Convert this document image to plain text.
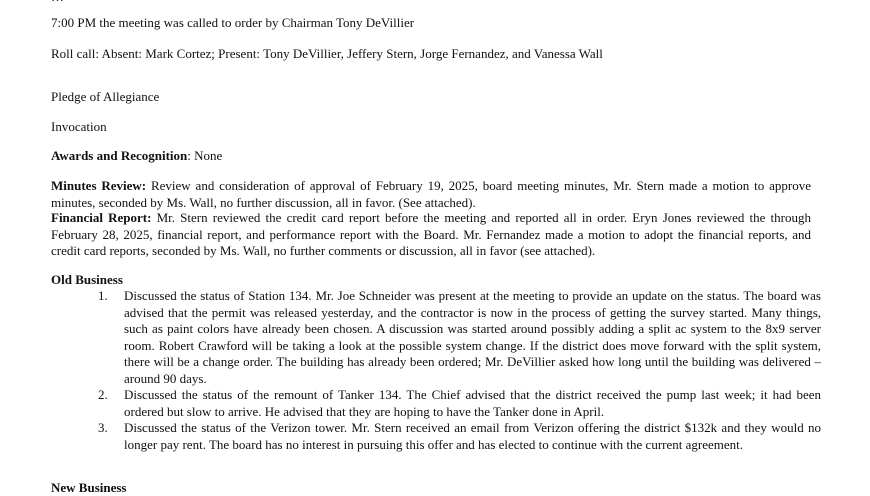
7:00 PM the meeting was called to order by Chairman Tony DeVillier
Roll call: Absent: Mark Cortez; Present: Tony DeVillier, Jeffery Stern, Jorge Fernandez, and Vanessa Wall
Pledge of Allegiance
Invocation
Awards and Recognition: None
Minutes Review: Review and consideration of approval of February 19, 2025, board meeting minutes, Mr. Stern made a motion to approve minutes, seconded by Ms. Wall, no further discussion, all in favor. (See attached).
Financial Report: Mr. Stern reviewed the credit card report before the meeting and reported all in order. Eryn Jones reviewed the through February 28, 2025, financial report, and performance report with the Board. Mr. Fernandez made a motion to adopt the financial reports, and credit card reports, seconded by Ms. Wall, no further comments or discussion, all in favor (see attached).
Old Business
1. Discussed the status of Station 134. Mr. Joe Schneider was present at the meeting to provide an update on the status. The board was advised that the permit was released yesterday, and the contractor is now in the process of getting the survey started. Many things, such as paint colors have already been chosen. A discussion was started around possibly adding a split ac system to the 8x9 server room. Robert Crawford will be taking a look at the possible system change. If the district does move forward with the split system, there will be a change order. The building has already been ordered; Mr. DeVillier asked how long until the building was delivered – around 90 days.
2. Discussed the status of the remount of Tanker 134. The Chief advised that the district received the pump last week; it had been ordered but slow to arrive. He advised that they are hoping to have the Tanker done in April.
3. Discussed the status of the Verizon tower. Mr. Stern received an email from Verizon offering the district $132k and they would no longer pay rent. The board has no interest in pursuing this offer and has elected to continue with the current agreement.
New Business
